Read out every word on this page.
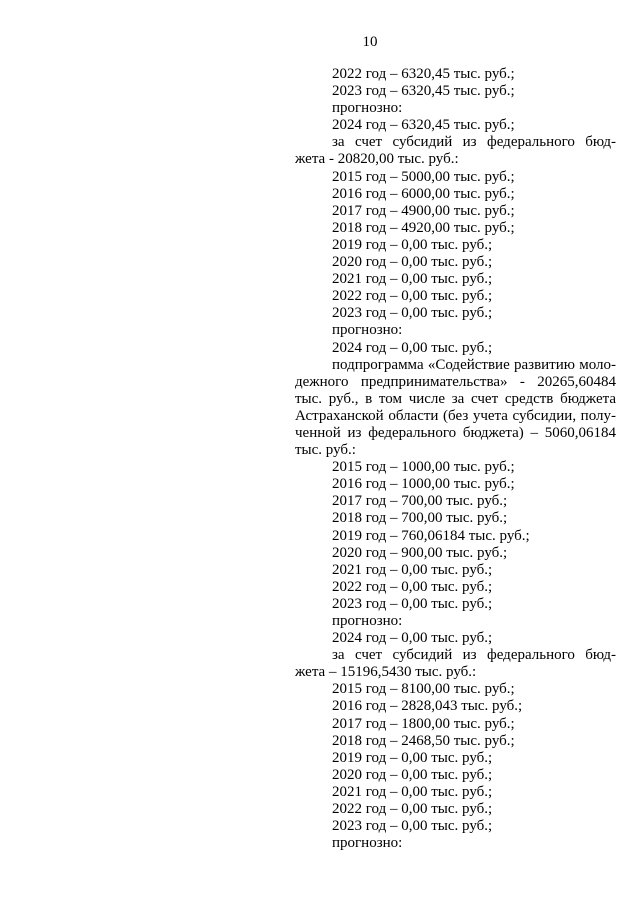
10
2022 год – 6320,45 тыс. руб.;
2023 год – 6320,45 тыс. руб.;
прогнозно:
2024 год – 6320,45 тыс. руб.;
за счет субсидий из федерального бюд-
жета - 20820,00 тыс. руб.:
2015 год – 5000,00 тыс. руб.;
2016 год – 6000,00 тыс. руб.;
2017 год – 4900,00 тыс. руб.;
2018 год – 4920,00 тыс. руб.;
2019 год – 0,00 тыс. руб.;
2020 год – 0,00 тыс. руб.;
2021 год – 0,00 тыс. руб.;
2022 год – 0,00 тыс. руб.;
2023 год – 0,00 тыс. руб.;
прогнозно:
2024 год – 0,00 тыс. руб.;
подпрограмма «Содействие развитию моло-
дежного предпринимательства» - 20265,60484
тыс. руб., в том числе за счет средств бюджета
Астраханской области (без учета субсидии, полу-
ченной из федерального бюджета) – 5060,06184
тыс. руб.:
2015 год – 1000,00 тыс. руб.;
2016 год – 1000,00 тыс. руб.;
2017 год – 700,00 тыс. руб.;
2018 год – 700,00 тыс. руб.;
2019 год – 760,06184 тыс. руб.;
2020 год – 900,00 тыс. руб.;
2021 год – 0,00 тыс. руб.;
2022 год – 0,00 тыс. руб.;
2023 год – 0,00 тыс. руб.;
прогнозно:
2024 год – 0,00 тыс. руб.;
за счет субсидий из федерального бюд-
жета – 15196,5430 тыс. руб.:
2015 год – 8100,00 тыс. руб.;
2016 год – 2828,043 тыс. руб.;
2017 год – 1800,00 тыс. руб.;
2018 год – 2468,50 тыс. руб.;
2019 год – 0,00 тыс. руб.;
2020 год – 0,00 тыс. руб.;
2021 год – 0,00 тыс. руб.;
2022 год – 0,00 тыс. руб.;
2023 год – 0,00 тыс. руб.;
прогнозно:
